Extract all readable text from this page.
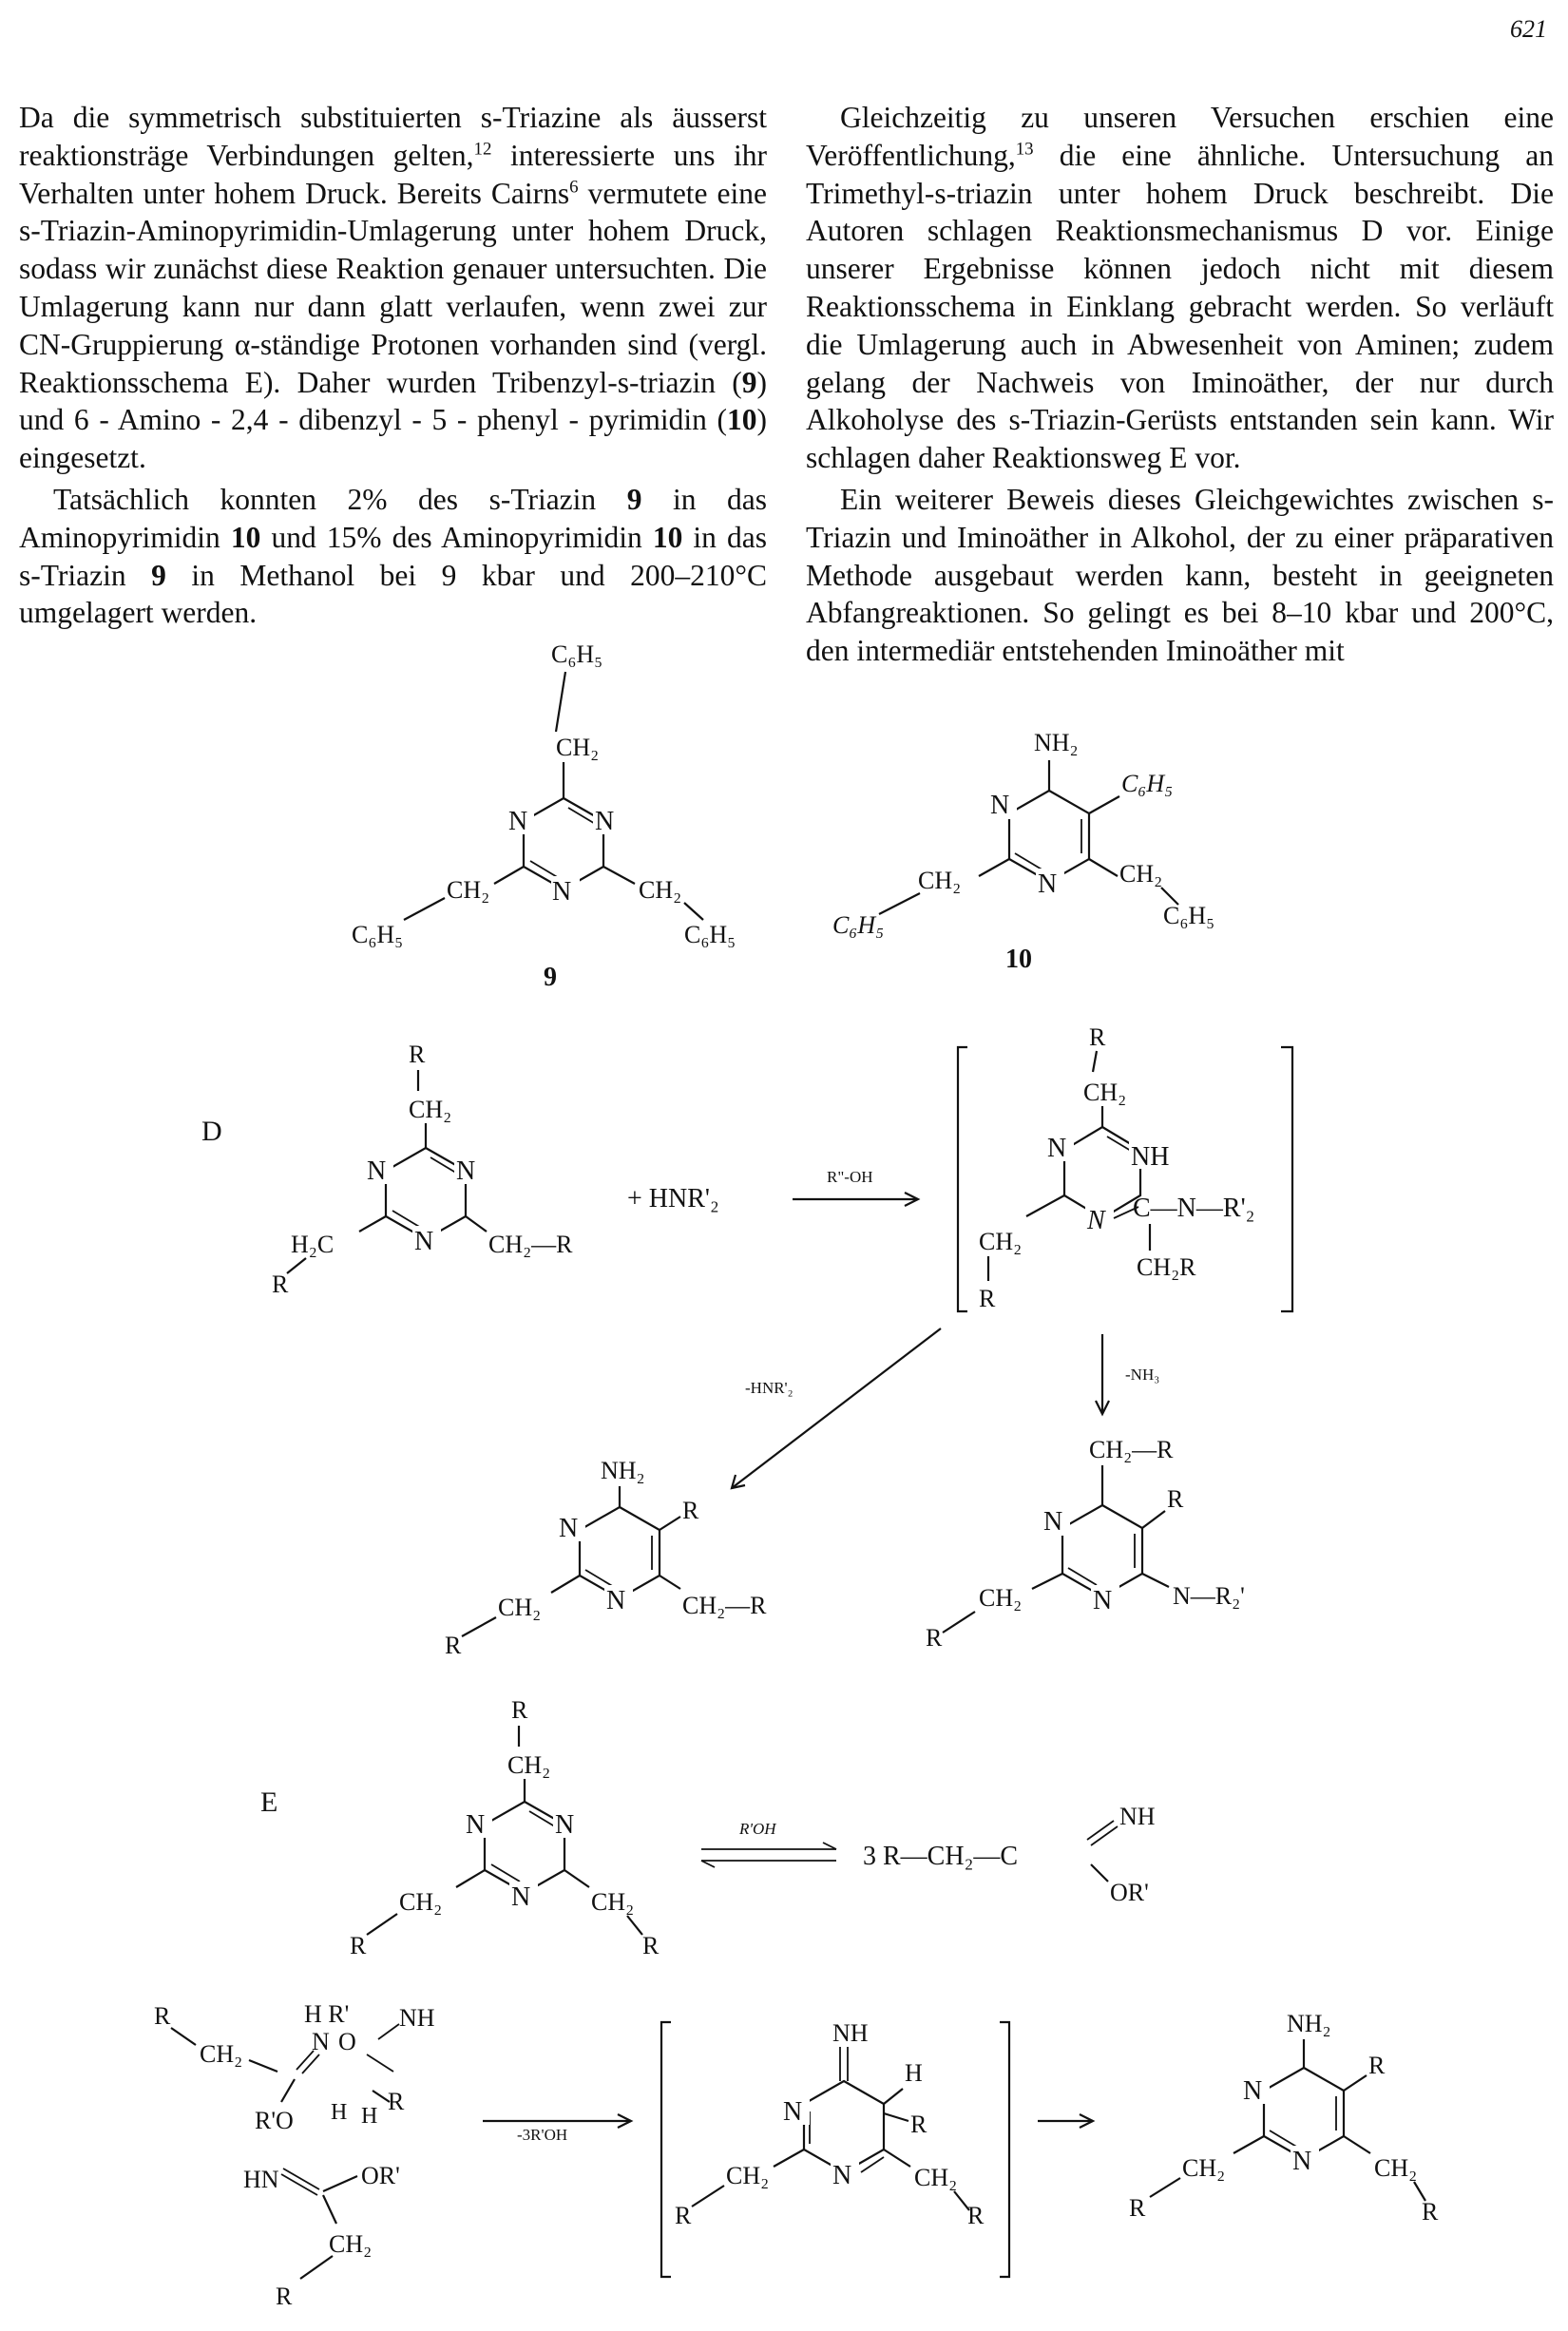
621

Da die symmetrisch substituierten s-Triazine als äusserst reaktionsträge Verbindungen gelten,$^{12}$ interessierte uns ihr Verhalten unter hohem Druck. Bereits Cairns$^6$ vermutete eine s-Triazin-Aminopyrimidin-Umlagerung unter hohem Druck, sodass wir zunächst diese Reaktion genauer untersuchten. Die Umlagerung kann nur dann glatt verlaufen, wenn zwei zur CN-Gruppierung α-ständige Protonen vorhanden sind (vergl. Reaktionsschema E). Daher wurden Tribenzyl-s-triazin (9) und 6 - Amino - 2,4 - dibenzyl - 5 - phenyl - pyrimidin (10) eingesetzt.

Tatsächlich konnten 2% des s-Triazin 9 in das Aminopyrimidin 10 und 15% des Aminopyrimidin 10 in das s-Triazin 9 in Methanol bei 9 kbar und 200–210°C umgelagert werden.

Gleichzeitig zu unseren Versuchen erschien eine Veröffentlichung,$^{13}$ die eine ähnliche. Untersuchung an Trimethyl-s-triazin unter hohem Druck beschreibt. Die Autoren schlagen Reaktionsmechanismus D vor. Einige unserer Ergebnisse können jedoch nicht mit diesem Reaktionsschema in Einklang gebracht werden. So verläuft die Umlagerung auch in Abwesenheit von Aminen; zudem gelang der Nachweis von Iminoäther, der nur durch Alkoholyse des s-Triazin-Gerüsts entstanden sein kann. Wir schlagen daher Reaktionsweg E vor.

Ein weiterer Beweis dieses Gleichgewichtes zwischen s-Triazin und Iminoäther in Alkohol, der zu einer präparativen Methode ausgebaut werden kann, besteht in geeigneten Abfangreaktionen. So gelingt es bei 8–10 kbar und 200°C, den intermediär entstehenden Iminoäther mit

C₆H₅
CH₂
N	N
N
CH₂
C₆H₅
CH₂
C₆H₅
9
NH₂
N
N
C₆H₅
CH₂
C₆H₅
CH₂
C₆H₅
10
D
R
CH₂
N	N
N
H₂C
R
CH₂—R
+ HNR'₂
R"-OH
R
CH₂
N NH
N C—N—R'₂
CH₂R
CH₂
R
-HNR'₂
-NH₃
NH₂
N
N
R
CH₂
R
CH₂—R
CH₂—R
N
N
R
N—R₂'
CH₂
R
E
R
CH₂
N	N
N
CH₂
R
CH₂
R
R'OH
3 R—CH₂—C
NH
OR'
R
CH₂
H R'
N O
R'O
NH
H H
R
HN	OR'
CH₂
R
-3R'OH
NH
N
N
H
R
CH₂
R
CH₂
R
NH₂
N
N
R
CH₂
R
CH₂
R
